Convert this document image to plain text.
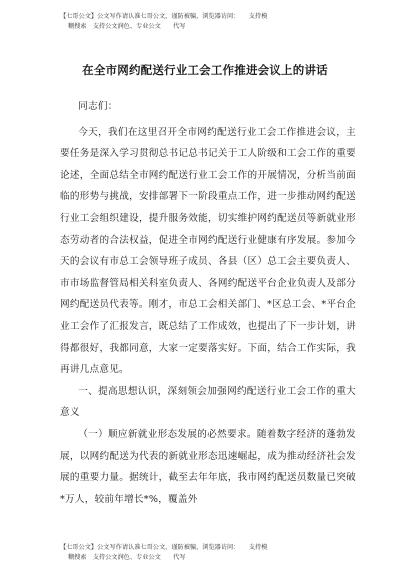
【七哥公文】公文写作请认准七哥公文，谨防被骗，浏览器访问：　　支持模
糊搜索　支持公文润色、专业公文　　代写
在全市网约配送行业工会工作推进会议上的讲话

同志们：

今天，我们在这里召开全市网约配送行业工会工作推进会议，主要任务是深入学习贯彻总书记总书记关于工人阶级和工会工作的重要论述，全面总结全市网约配送行业工会工作的开展情况，分析当前面临的形势与挑战，安排部署下一阶段重点工作，进一步推动网约配送行业工会组织建设，提升服务效能，切实维护网约配送员等新就业形态劳动者的合法权益，促进全市网约配送行业健康有序发展。参加今天的会议有市总工会领导班子成员、各县（区）总工会主要负责人、市市场监督管局相关科室负责人、各网约配送平台企业负责人及部分网约配送员代表等。刚才，市总工会相关部门、*区总工会、*平台企业工会作了汇报发言，既总结了工作成效，也提出了下一步计划，讲得都很好，我都同意，大家一定要落实好。下面，结合工作实际，我再讲几点意见。

一、提高思想认识，深刻领会加强网约配送行业工会工作的重大意义

（一）顺应新就业形态发展的必然要求。随着数字经济的蓬勃发展，以网约配送为代表的新就业形态迅速崛起，成为推动经济社会发展的重要力量。据统计，截至去年年底，我市网约配送员数量已突破*万人，较前年增长*%，覆盖外

【七哥公文】公文写作请认准七哥公文，谨防被骗，浏览器访问：　　支持模
糊搜索　支持公文润色、专业公文　　代写
